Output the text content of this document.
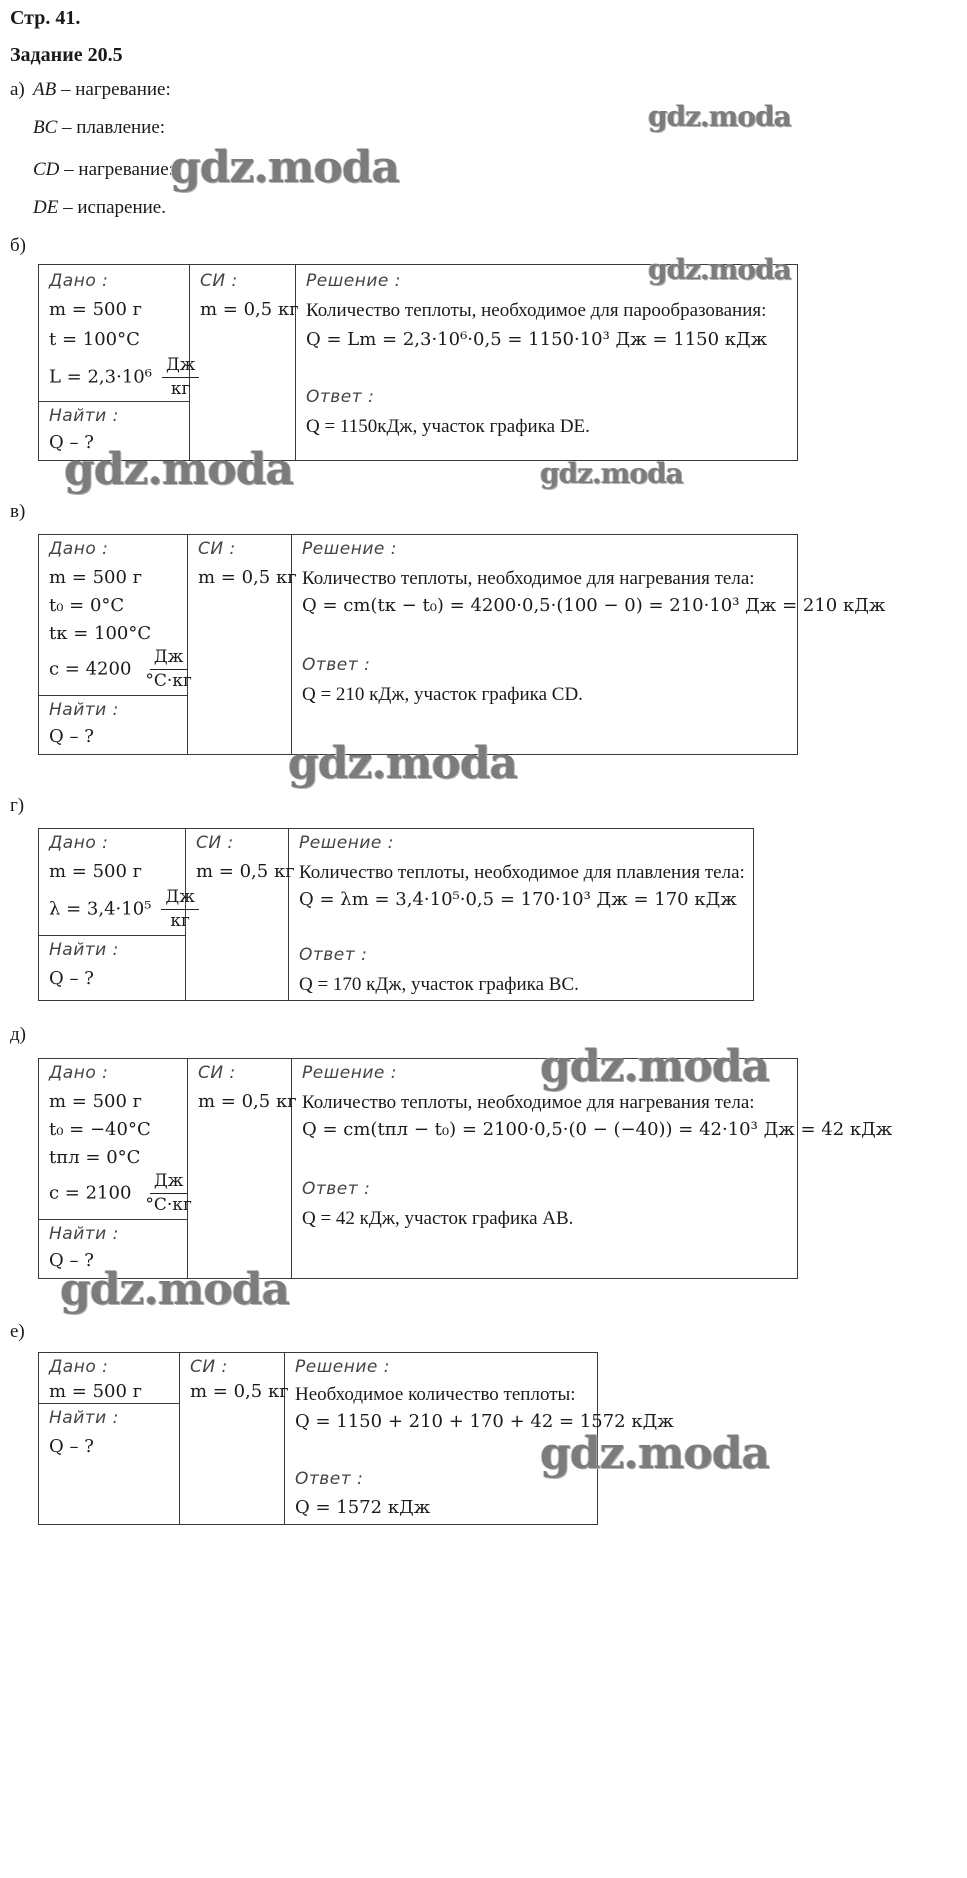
Стр. 41.
Задание 20.5
а) AB – нагревание:
BC – плавление:
CD – нагревание:
DE – испарение.
б)
Дано :
m = 500 г
t = 100°C
$L = 2,3\cdot 10^6 \frac{Дж}{кг}$

СИ :
m = 0,5 кг

Решение :
Количество теплоты, необходимое для парообразования:
Q = Lm = 2,3·10⁶·0,5 = 1150·10³ Дж = 1150 кДж
Ответ :
Q = 1150кДж, участок графика DE.

Найти :
Q – ?
в)
Дано :
m = 500 г
t₀ = 0°C
tк = 100°C
$c = 4200 \frac{Дж}{^\circ C\cdot кг}$

СИ :
m = 0,5 кг

Решение :
Количество теплоты, необходимое для нагревания тела:
Q = cm(tк − t₀) = 4200·0,5·(100 − 0) = 210·10³ Дж = 210 кДж
Ответ :
Q = 210 кДж, участок графика CD.

Найти :
Q – ?
г)
Дано :
m = 500 г
$\lambda = 3,4\cdot 10^5 \frac{Дж}{кг}$

СИ :
m = 0,5 кг

Решение :
Количество теплоты, необходимое для плавления тела:
Q = λm = 3,4·10⁵·0,5 = 170·10³ Дж = 170 кДж
Ответ :
Q = 170 кДж, участок графика BC.

Найти :
Q – ?
д)
Дано :
m = 500 г
t₀ = −40°C
tпл = 0°C
$c = 2100 \frac{Дж}{^\circ C\cdot кг}$

СИ :
m = 0,5 кг

Решение :
Количество теплоты, необходимое для нагревания тела:
Q = cm(tпл − t₀) = 2100·0,5·(0 − (−40)) = 42·10³ Дж = 42 кДж
Ответ :
Q = 42 кДж, участок графика AB.

Найти :
Q – ?
е)
Дано :
m = 500 г

СИ :
m = 0,5 кг

Решение :
Необходимое количество теплоты:
Q = 1150 + 210 + 170 + 42 = 1572 кДж
Ответ :
Q = 1572 кДж

Найти :
Q – ?
gdz.moda
gdz.moda
gdz.moda
gdz.moda	gdz.moda
gdz.moda
gdz.moda
gdz.moda
gdz.moda
